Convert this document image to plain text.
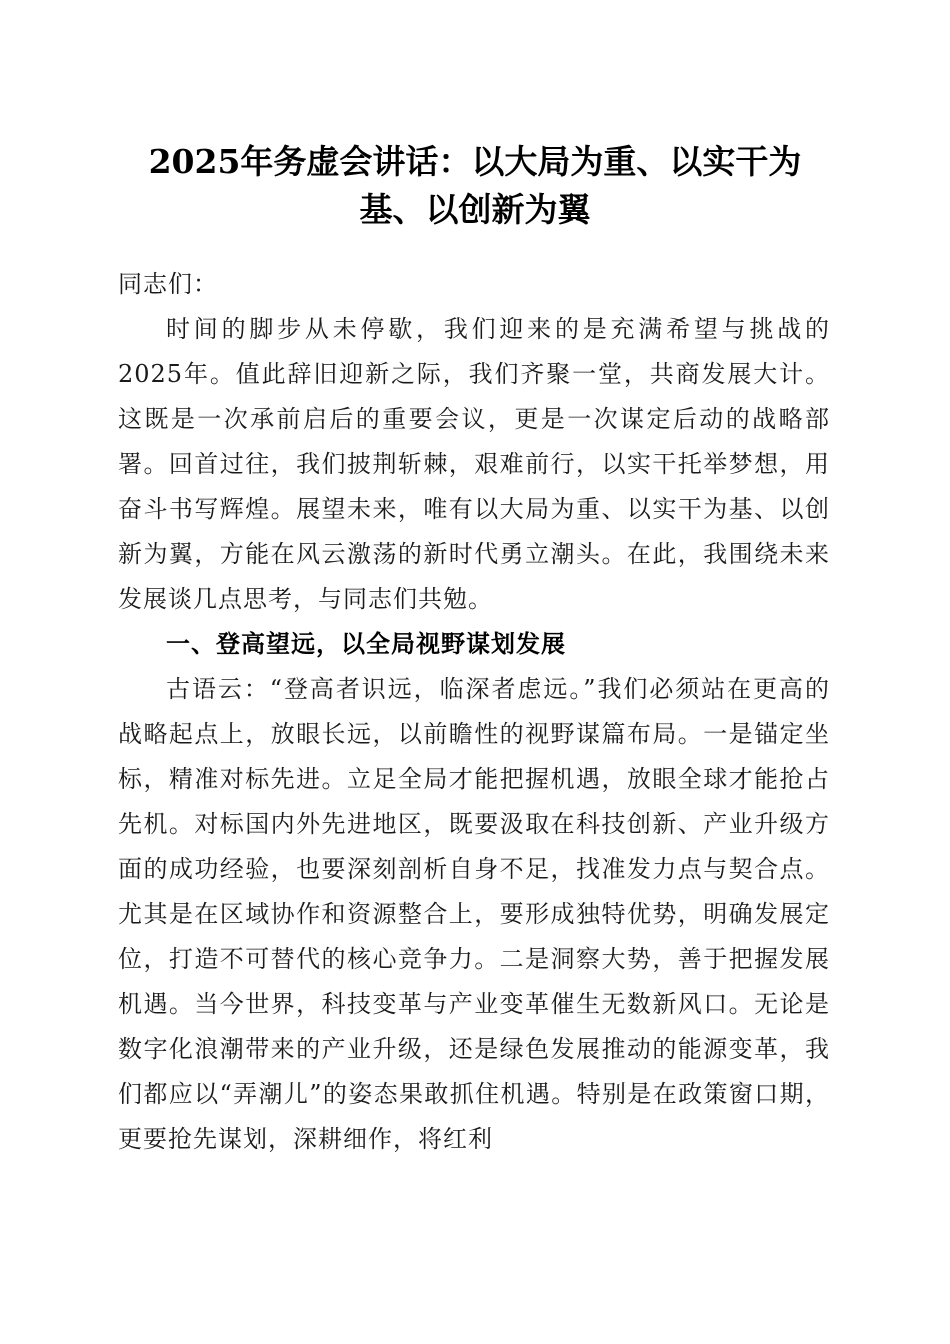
2025年务虚会讲话：以大局为重、以实干为基、以创新为翼

同志们：

时间的脚步从未停歇，我们迎来的是充满希望与挑战的2025年。值此辞旧迎新之际，我们齐聚一堂，共商发展大计。这既是一次承前启后的重要会议，更是一次谋定后动的战略部署。回首过往，我们披荆斩棘，艰难前行，以实干托举梦想，用奋斗书写辉煌。展望未来，唯有以大局为重、以实干为基、以创新为翼，方能在风云激荡的新时代勇立潮头。在此，我围绕未来发展谈几点思考，与同志们共勉。

一、登高望远，以全局视野谋划发展

古语云：“登高者识远，临深者虑远。”我们必须站在更高的战略起点上，放眼长远，以前瞻性的视野谋篇布局。一是锚定坐标，精准对标先进。立足全局才能把握机遇，放眼全球才能抢占先机。对标国内外先进地区，既要汲取在科技创新、产业升级方面的成功经验，也要深刻剖析自身不足，找准发力点与契合点。尤其是在区域协作和资源整合上，要形成独特优势，明确发展定位，打造不可替代的核心竞争力。二是洞察大势，善于把握发展机遇。当今世界，科技变革与产业变革催生无数新风口。无论是数字化浪潮带来的产业升级，还是绿色发展推动的能源变革，我们都应以“弄潮儿”的姿态果敢抓住机遇。特别是在政策窗口期，更要抢先谋划，深耕细作，将红利
